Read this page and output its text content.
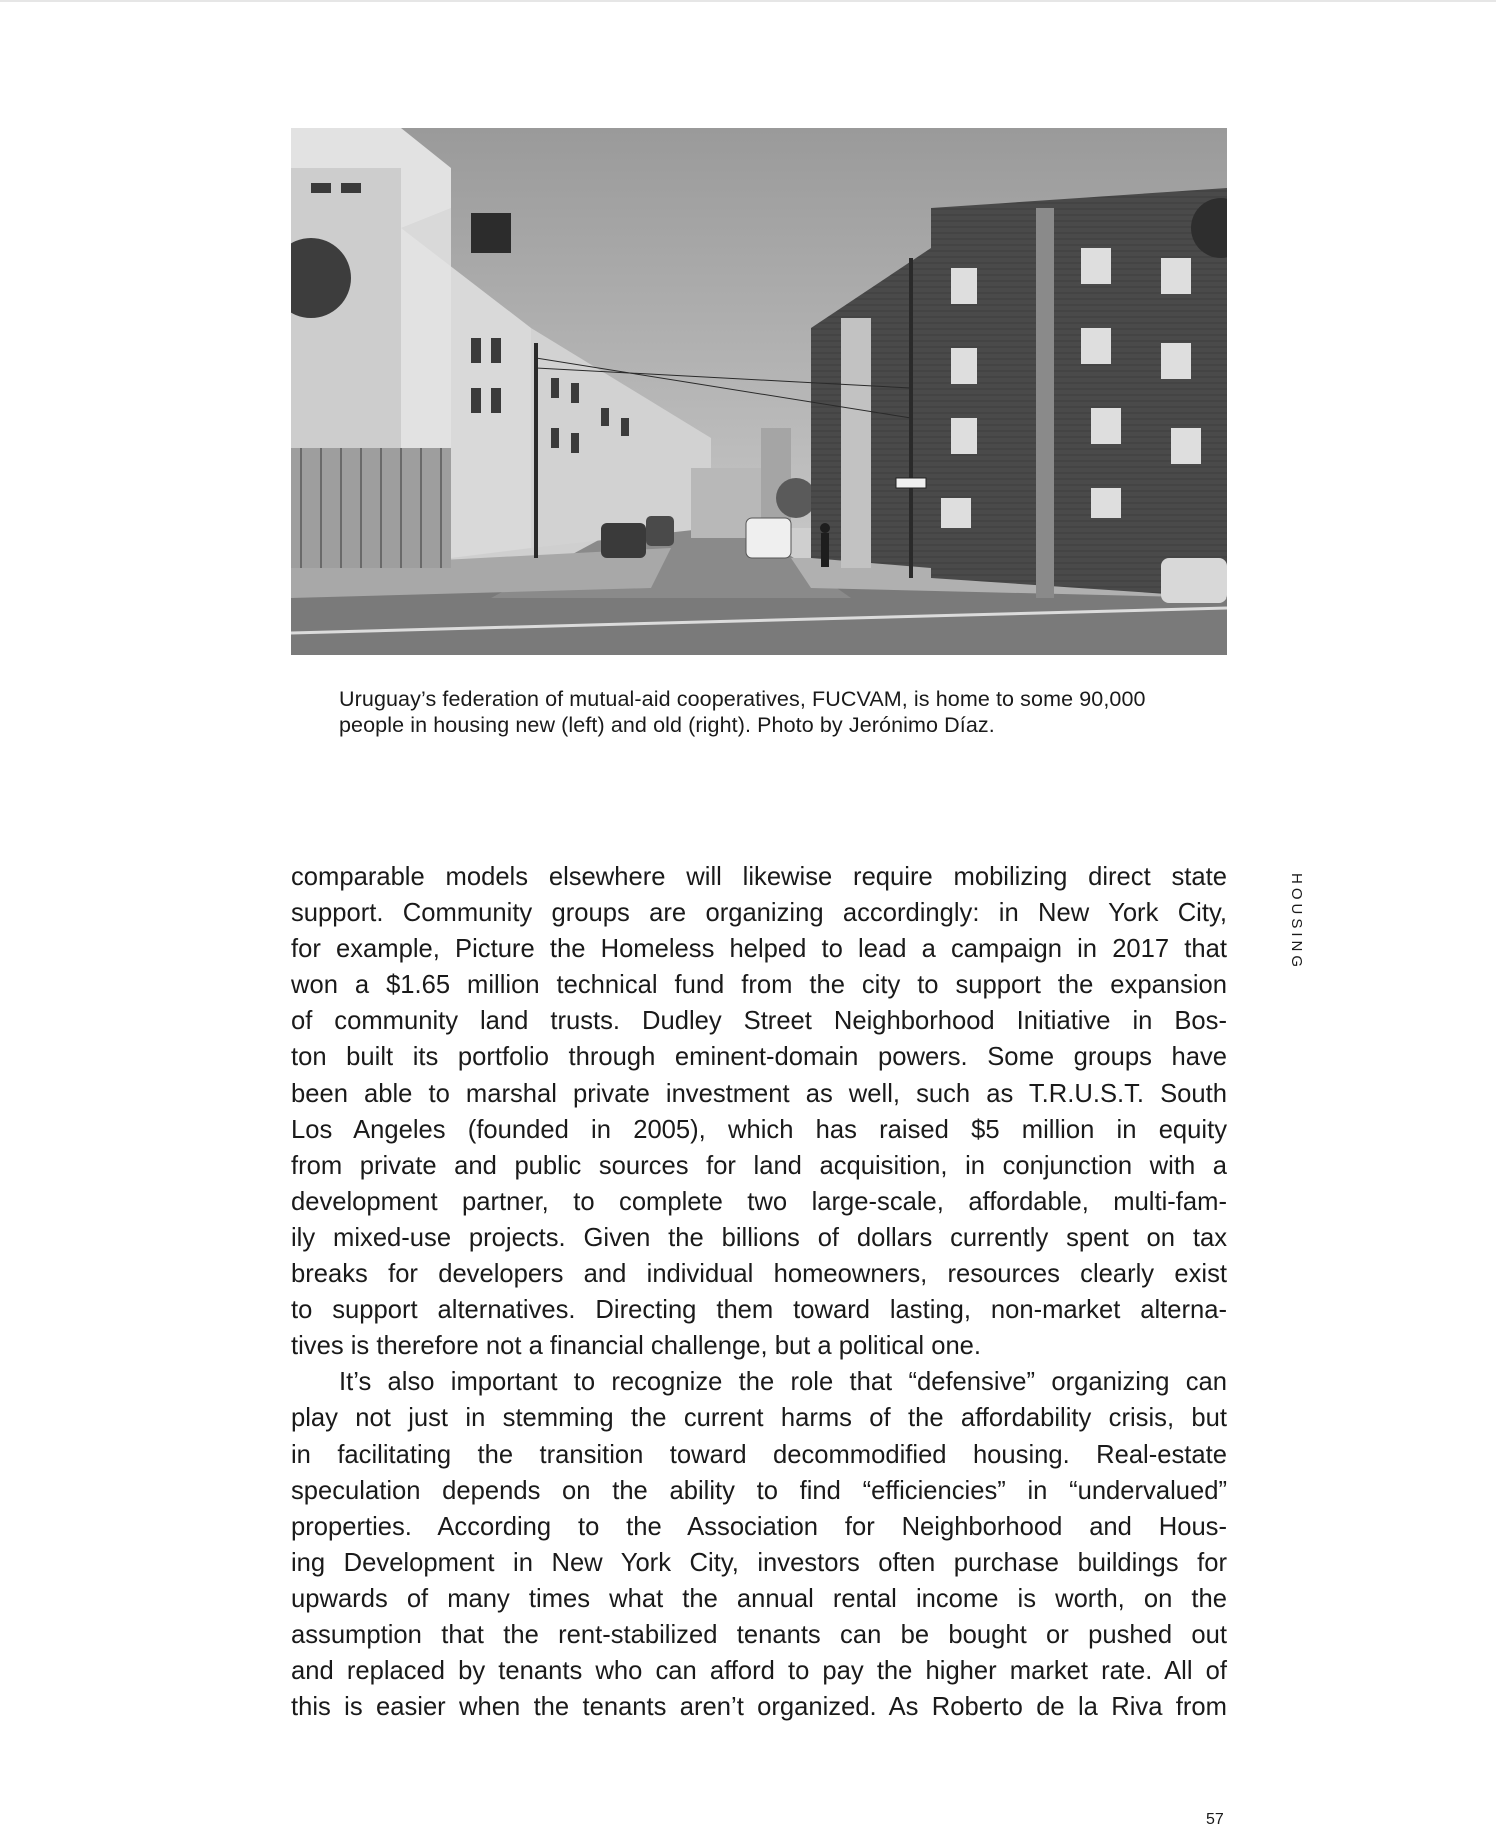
Uruguay’s federation of mutual-aid cooperatives, FUCVAM, is home to some 90,000

people in housing new (left) and old (right). Photo by Jerónimo Díaz.

HOUSING
comparable models elsewhere will likewise require mobilizing direct state
support. Community groups are organizing accordingly: in New York City,
for example, Picture the Homeless helped to lead a campaign in 2017 that
won a $1.65 million technical fund from the city to support the expansion
of community land trusts. Dudley Street Neighborhood Initiative in Bos-
ton built its portfolio through eminent-domain powers. Some groups have
been able to marshal private investment as well, such as T.R.U.S.T. South
Los Angeles (founded in 2005), which has raised $5 million in equity
from private and public sources for land acquisition, in conjunction with a
development partner, to complete two large-scale, affordable, multi-fam-
ily mixed-use projects. Given the billions of dollars currently spent on tax
breaks for developers and individual homeowners, resources clearly exist
to support alternatives. Directing them toward lasting, non-market alterna-
tives is therefore not a financial challenge, but a political one.
It’s also important to recognize the role that “defensive” organizing can
play not just in stemming the current harms of the affordability crisis, but
in facilitating the transition toward decommodified housing. Real-estate
speculation depends on the ability to find “efficiencies” in “undervalued”
properties. According to the Association for Neighborhood and Hous-
ing Development in New York City, investors often purchase buildings for
upwards of many times what the annual rental income is worth, on the
assumption that the rent-stabilized tenants can be bought or pushed out
and replaced by tenants who can afford to pay the higher market rate. All of
this is easier when the tenants aren’t organized. As Roberto de la Riva from
57
